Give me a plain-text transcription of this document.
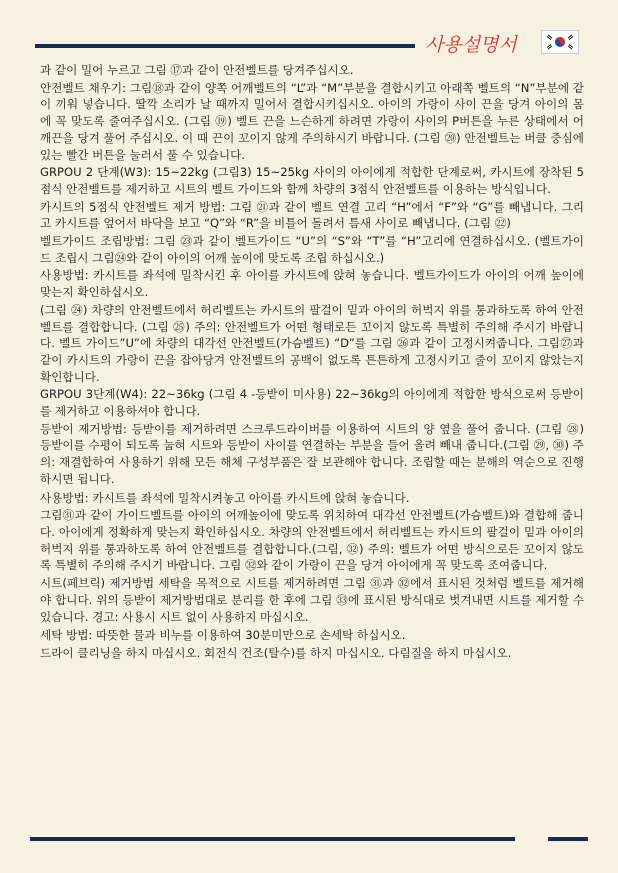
사용설명서

과 같이 밀어 누르고 그림 ⑰과 같이 안전벨트를 당겨주십시오.

안전벨트 채우기: 그림⑱과 같이 양쪽 어깨벨트의 “L”과 “M”부분을 결합시키고 아래쪽 벨트의 “N”부분에 같이 끼워 넣습니다. 딸깍 소리가 날 때까지 밀어서 결합시키십시오. 아이의 가랑이 사이 끈을 당겨 아이의 몸에 꼭 맞도록 줄여주십시오. (그림 ⑲) 벨트 끈을 느슨하게 하려면 가랑이 사이의 P버튼을 누른 상태에서 어깨끈을 당겨 풀어 주십시오. 이 때 끈이 꼬이지 않게 주의하시기 바랍니다. (그림 ⑳) 안전벨트는 버클 중심에 있는 빨간 버튼을 눌러서 풀 수 있습니다.

GRPOU 2 단계(W3): 15~22kg (그림3) 15~25kg 사이의 아이에게 적합한 단계로써, 카시트에 장착된 5점식 안전벨트를 제거하고 시트의 벨트 가이드와 함께 차량의 3점식 안전벨트를 이용하는 방식입니다.

카시트의 5점식 안전벨트 제거 방법: 그림 ㉑과 같이 벨트 연결 고리 “H”에서 “F”와 “G”를 빼냅니다. 그리고 카시트를 엎어서 바닥을 보고 “Q”와 “R”을 비틀어 돌려서 틈새 사이로 빼냅니다. (그림 ㉒)

벨트가이드 조립방법: 그림 ㉓과 같이 벨트가이드 “U”의 “S”와 “T”를 “H”고리에 연결하십시오. (벨트가이드 조립시 그림㉔와 같이 아이의 어깨 높이에 맞도록 조립 하십시오.)

사용방법: 카시트를 좌석에 밀착시킨 후 아이를 카시트에 앉혀 놓습니다. 벨트가이드가 아이의 어깨 높이에 맞는지 확인하십시오.

(그림 ㉔) 차량의 안전벨트에서 허리벨트는 카시트의 팔걸이 밑과 아이의 허벅지 위를 통과하도록 하여 안전벨트를 결합합니다. (그림 ㉕) 주의: 안전벨트가 어떤 형태로든 꼬이지 않도록 특별히 주의해 주시기 바랍니다. 벨트 가이드”U”에 차량의 대각선 안전벨트(가슴벨트) “D”를 그림 ㉖과 같이 고정시켜줍니다. 그림㉗과 같이 카시트의 가랑이 끈을 잡아당겨 안전벨트의 공백이 없도록 튼튼하게 고정시키고 줄이 꼬이지 않았는지 확인합니다.

GRPOU 3단계(W4): 22~36kg (그림 4 -등받이 미사용) 22~36kg의 아이에게 적합한 방식으로써 등받이를 제거하고 이용하셔야 합니다.

등받이 제거방법: 등받이를 제거하려면 스크루드라이버를 이용하여 시트의 양 옆을 풀어 줍니다. (그림 ㉘) 등받이를 수평이 되도록 눕혀 시트와 등받이 사이를 연결하는 부분을 들어 올려 빼내 줍니다.(그림 ㉙, ㉚) 주의: 재결합하여 사용하기 위해 모든 해체 구성부품은 잘 보관해야 합니다. 조립할 때는 분해의 역순으로 진행하시면 됩니다.

사용방법: 카시트를 좌석에 밀착시켜놓고 아이를 카시트에 앉혀 놓습니다.

그림㉛과 같이 가이드벨트를 아이의 어깨높이에 맞도록 위치하여 대각선 안전벨트(가슴벨트)와 결합해 줍니다. 아이에게 정확하게 맞는지 확인하십시오. 차량의 안전벨트에서 허리벨트는 카시트의 팔걸이 밑과 아이의 허벅지 위를 통과하도록 하여 안전벨트를 결합합니다.(그림, ㉜) 주의: 벨트가 어떤 방식으로든 꼬이지 않도록 특별히 주의해 주시기 바랍니다. 그림 ㉜와 같이 가랑이 끈을 당겨 아이에게 꼭 맞도록 조여줍니다.

시트(페브릭) 제거방법 세탁을 목적으로 시트를 제거하려면 그림 ㉛과 ㉜에서 표시된 것처럼 벨트를 제거해야 합니다. 위의 등받이 제거방법대로 분리를 한 후에 그림 ㉝에 표시된 방식대로 벗겨내면 시트를 제거할 수 있습니다. 경고: 사용시 시트 없이 사용하지 마십시오.

세탁 방법: 따뜻한 물과 비누를 이용하여 30분미만으로 손세탁 하십시오.

드라이 클리닝을 하지 마십시오. 회전식 건조(탈수)를 하지 마십시오. 다림질을 하지 마십시오.
